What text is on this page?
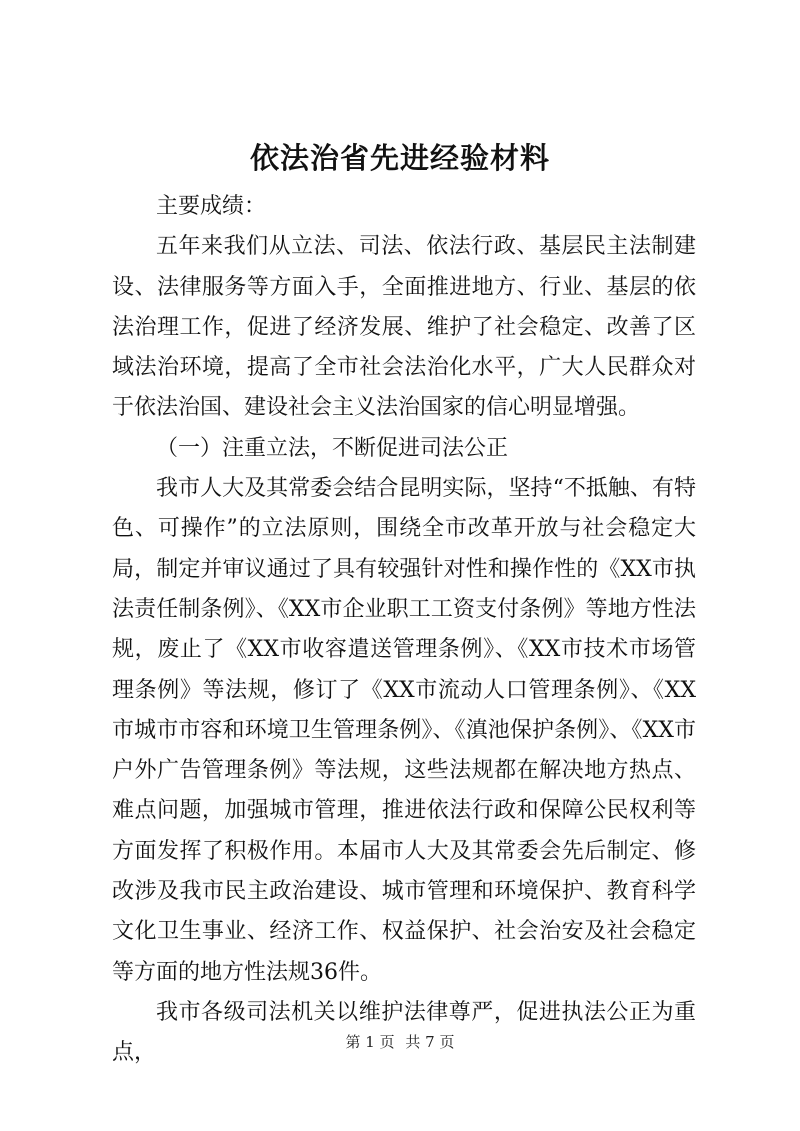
依法治省先进经验材料

主要成绩：

五年来我们从立法、司法、依法行政、基层民主法制建设、法律服务等方面入手，全面推进地方、行业、基层的依法治理工作，促进了经济发展、维护了社会稳定、改善了区域法治环境，提高了全市社会法治化水平，广大人民群众对于依法治国、建设社会主义法治国家的信心明显增强。

（一）注重立法，不断促进司法公正

我市人大及其常委会结合昆明实际，坚持“不抵触、有特色、可操作”的立法原则，围绕全市改革开放与社会稳定大局，制定并审议通过了具有较强针对性和操作性的《XX市执法责任制条例》、《XX市企业职工工资支付条例》等地方性法规，废止了《XX市收容遣送管理条例》、《XX市技术市场管理条例》等法规，修订了《XX市流动人口管理条例》、《XX市城市市容和环境卫生管理条例》、《滇池保护条例》、《XX市户外广告管理条例》等法规，这些法规都在解决地方热点、难点问题，加强城市管理，推进依法行政和保障公民权利等方面发挥了积极作用。本届市人大及其常委会先后制定、修改涉及我市民主政治建设、城市管理和环境保护、教育科学文化卫生事业、经济工作、权益保护、社会治安及社会稳定等方面的地方性法规36件。

我市各级司法机关以维护法律尊严，促进执法公正为重点，	第 1 页 共 7 页
